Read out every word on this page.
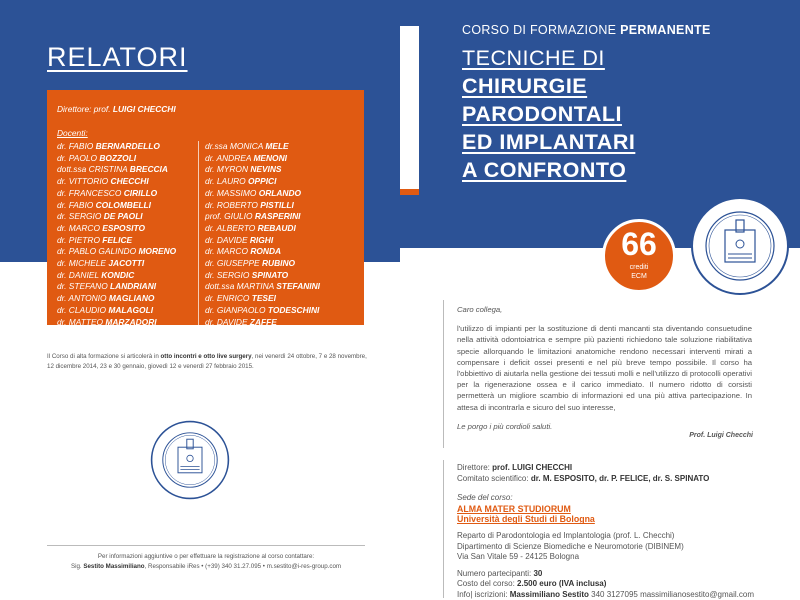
RELATORI
Direttore: prof. LUIGI CHECCHI
Docenti:
dr. FABIO BERNARDELLO
dr. PAOLO BOZZOLI
dott.ssa CRISTINA BRECCIA
dr. VITTORIO CHECCHI
dr. FRANCESCO CIRILLO
dr. FABIO COLOMBELLI
dr. SERGIO DE PAOLI
dr. MARCO ESPOSITO
dr. PIETRO FELICE
dr. PABLO GALINDO MORENO
dr. MICHELE JACOTTI
dr. DANIEL KONDIC
dr. STEFANO LANDRIANI
dr. ANTONIO MAGLIANO
dr. CLAUDIO MALAGOLI
dr. MATTEO MARZADORI
dr. CLAUDIO MAZZOTTI
dr.ssa MONICA MELE
dr. ANDREA MENONI
dr. MYRON NEVINS
dr. LAURO OPPICI
dr. MASSIMO ORLANDO
dr. ROBERTO PISTILLI
prof. GIULIO RASPERINI
dr. ALBERTO REBAUDI
dr. DAVIDE RIGHI
dr. MARCO RONDA
dr. GIUSEPPE RUBINO
dr. SERGIO SPINATO
dott.ssa MARTINA STEFANINI
dr. ENRICO TESEI
dr. GIANPAOLO TODESCHINI
dr. DAVIDE ZAFFE
prof. GIOVANNI ZUCCHELLI
Il Corso di alta formazione si articolerà in otto incontri e otto live surgery, nei venerdì 24 ottobre, 7 e 28 novembre, 12 dicembre 2014, 23 e 30 gennaio, giovedì 12 e venerdì 27 febbraio 2015.
Per informazioni aggiuntive o per effettuare la registrazione al corso contattare:
Sig. Sestito Massimiliano, Responsabile iRes • (+39) 340 31.27.095 • m.sestito@i-res-group.com
CORSO DI FORMAZIONE PERMANENTE
TECNICHE DI
CHIRURGIE
PARODONTALI
ED IMPLANTARI
A CONFRONTO
66
crediti
ECM
Caro collega,
l'utilizzo di impianti per la sostituzione di denti mancanti sta diventando consuetudine nella attività odontoiatrica e sempre più pazienti richiedono tale soluzione riabilitativa specie allorquando le limitazioni anatomiche rendono necessari interventi mirati a compensare i deficit ossei presenti e nel più breve tempo possibile. Il corso ha l'obbiettivo di aiutarla nella gestione dei tessuti molli e nell'utilizzo di protocolli operativi per la rigenerazione ossea e il carico immediato. Il numero ridotto di corsisti permetterà un migliore scambio di informazioni ed una più attiva partecipazione. In attesa di incontrarla e sicuro del suo interesse,
Le porgo i più cordioli saluti.
Prof. Luigi Checchi
Direttore: prof. LUIGI CHECCHI
Comitato scientifico: dr. M. ESPOSITO, dr. P. FELICE, dr. S. SPINATO
Sede del corso:
ALMA MATER STUDIORUM
Università degli Studi di Bologna
Reparto di Parodontologia ed Implantologia (prof. L. Checchi)
Dipartimento di Scienze Biomediche e Neuromotorie (DIBINEM)
Via San Vitale 59 - 24125 Bologna
Numero partecipanti: 30
Costo del corso: 2.500 euro (IVA inclusa)
Info| iscrizioni: Massimiliano Sestito 340 3127095 massimilianosestito@gmail.com
